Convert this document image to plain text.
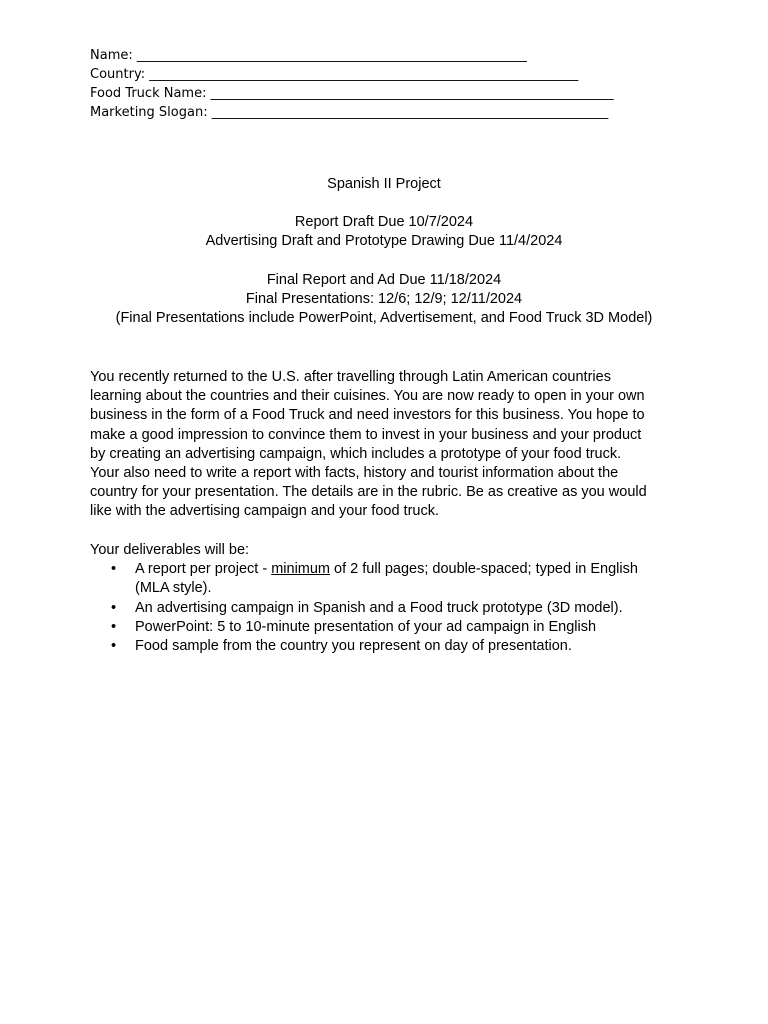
Name: ____________________________________________________________
Country: __________________________________________________________________
Food Truck Name: ______________________________________________________________
Marketing Slogan: _____________________________________________________________
Spanish II Project
Report Draft Due 10/7/2024
Advertising Draft and Prototype Drawing Due 11/4/2024
Final Report and Ad Due 11/18/2024
Final Presentations: 12/6; 12/9; 12/11/2024
(Final Presentations include PowerPoint, Advertisement, and Food Truck 3D Model)
You recently returned to the U.S. after travelling through Latin American countries
learning about the countries and their cuisines. You are now ready to open in your own
business in the form of a Food Truck and need investors for this business. You hope to
make a good impression to convince them to invest in your business and your product
by creating an advertising campaign, which includes a prototype of your food truck.
Your also need to write a report with facts, history and tourist information about the
country for your presentation. The details are in the rubric. Be as creative as you would
like with the advertising campaign and your food truck.
Your deliverables will be:
• A report per project - minimum of 2 full pages; double-spaced; typed in English
(MLA style).
• An advertising campaign in Spanish and a Food truck prototype (3D model).
• PowerPoint: 5 to 10-minute presentation of your ad campaign in English
• Food sample from the country you represent on day of presentation.
